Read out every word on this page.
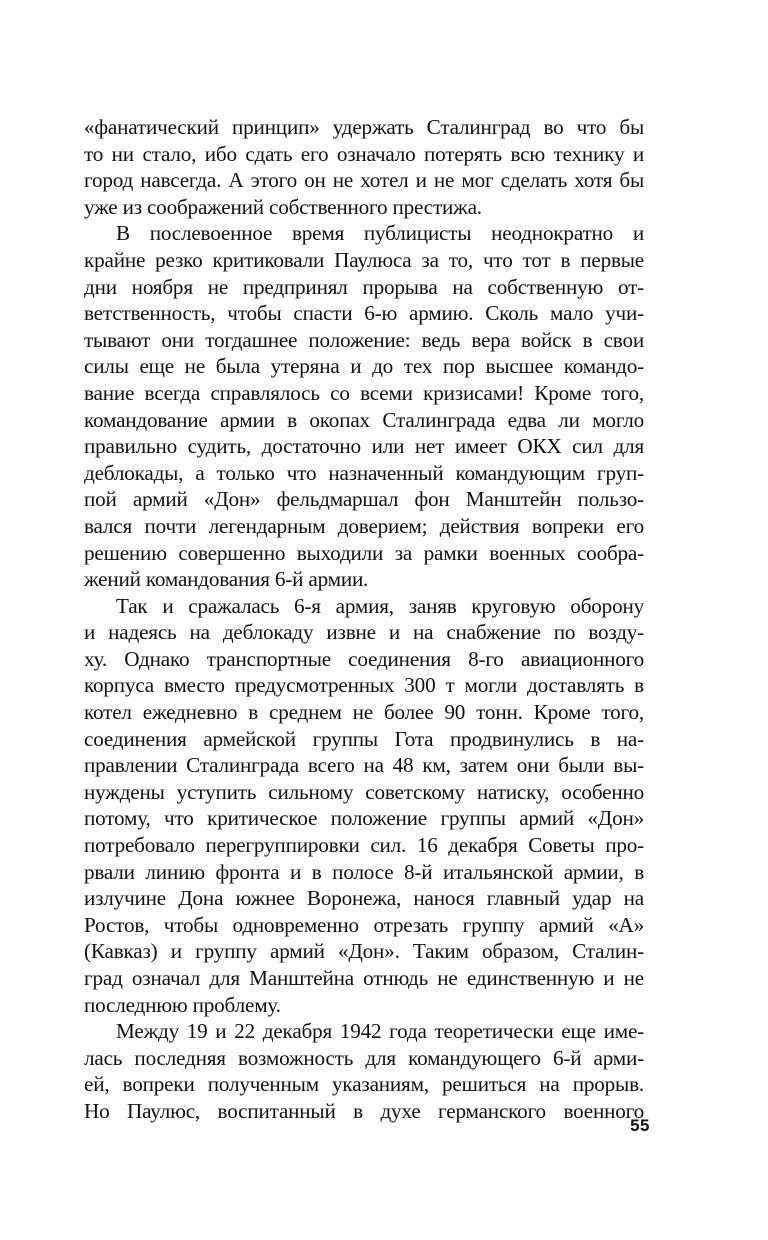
«фанатический принцип» удержать Сталинград во что бы
то ни стало, ибо сдать его означало потерять всю технику и
город навсегда. А этого он не хотел и не мог сделать хотя бы
уже из соображений собственного престижа.
В послевоенное время публицисты неоднократно и
крайне резко критиковали Паулюса за то, что тот в первые
дни ноября не предпринял прорыва на собственную от-
ветственность, чтобы спасти 6-ю армию. Сколь мало учи-
тывают они тогдашнее положение: ведь вера войск в свои
силы еще не была утеряна и до тех пор высшее командо-
вание всегда справлялось со всеми кризисами! Кроме того,
командование армии в окопах Сталинграда едва ли могло
правильно судить, достаточно или нет имеет ОКХ сил для
деблокады, а только что назначенный командующим груп-
пой армий «Дон» фельдмаршал фон Манштейн пользо-
вался почти легендарным доверием; действия вопреки его
решению совершенно выходили за рамки военных сообра-
жений командования 6-й армии.
Так и сражалась 6-я армия, заняв круговую оборону
и надеясь на деблокаду извне и на снабжение по возду-
ху. Однако транспортные соединения 8-го авиационного
корпуса вместо предусмотренных 300 т могли доставлять в
котел ежедневно в среднем не более 90 тонн. Кроме того,
соединения армейской группы Гота продвинулись в на-
правлении Сталинграда всего на 48 км, затем они были вы-
нуждены уступить сильному советскому натиску, особенно
потому, что критическое положение группы армий «Дон»
потребовало перегруппировки сил. 16 декабря Советы про-
рвали линию фронта и в полосе 8-й итальянской армии, в
излучине Дона южнее Воронежа, нанося главный удар на
Ростов, чтобы одновременно отрезать группу армий «А»
(Кавказ) и группу армий «Дон». Таким образом, Сталин-
град означал для Манштейна отнюдь не единственную и не
последнюю проблему.
Между 19 и 22 декабря 1942 года теоретически еще име-
лась последняя возможность для командующего 6-й арми-
ей, вопреки полученным указаниям, решиться на прорыв.
Но Паулюс, воспитанный в духе германского военного
55
